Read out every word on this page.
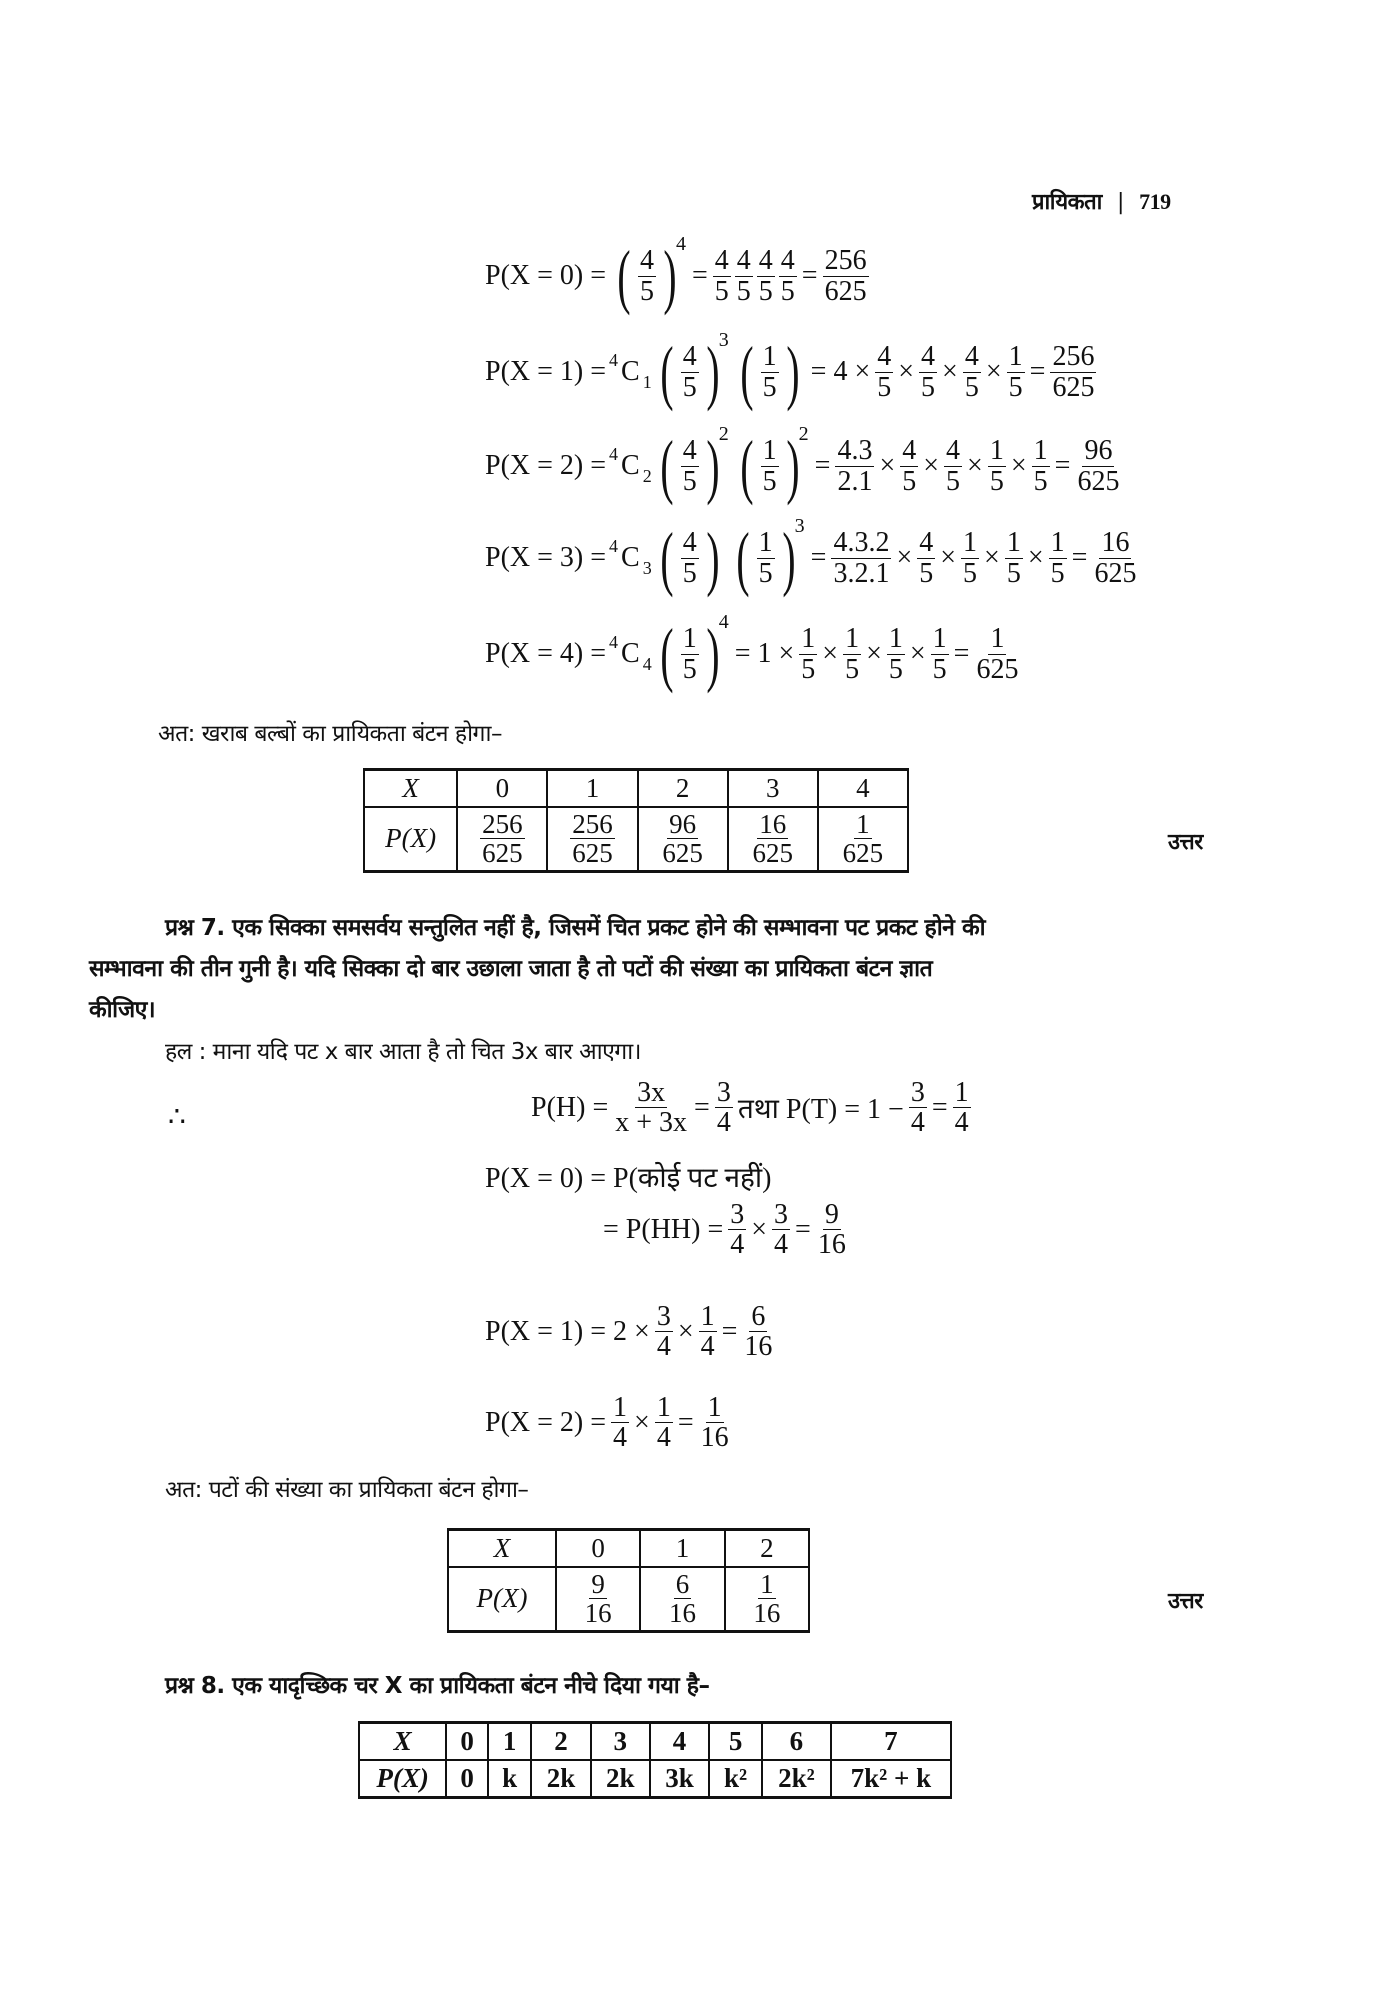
प्रायिकता | 719
P(X = 0) = ( $\frac{4}{5}$ ) 4
= $\frac{4}{5} \frac{4}{5} \frac{4}{5} \frac{4}{5} = \frac{256}{625}$
P(X = 1) = 4 C 1 ( $\frac{4}{5}$ ) 3 ( $\frac{1}{5}$ ) = $4 \times \frac{4}{5} \times \frac{4}{5} \times \frac{4}{5} \times \frac{1}{5} = \frac{256}{625}$
P(X = 2) = 4 C 2 ( $\frac{4}{5}$ ) 2 ( $\frac{1}{5}$ ) 2
= $\frac{4.3}{2.1} \times \frac{4}{5} \times \frac{4}{5} \times \frac{1}{5} \times \frac{1}{5} = \frac{96}{625}$
P(X = 3) = 4 C 3 ( $\frac{4}{5}$ ) ( $\frac{1}{5}$ ) 3
= $\frac{4.3.2}{3.2.1} \times \frac{4}{5} \times \frac{1}{5} \times \frac{1}{5} \times \frac{1}{5} = \frac{16}{625}$
P(X = 4) = 4 C 4 ( $\frac{1}{5}$ ) 4
= $1 \times \frac{1}{5} \times \frac{1}{5} \times \frac{1}{5} \times \frac{1}{5} = \frac{1}{625}$
अत: खराब बल्बों का प्रायिकता बंटन होगा–
X	0	1	2	3	4
P(X)	$\frac{256}{625}$	$\frac{256}{625}$	$\frac{96}{625}$	$\frac{16}{625}$	$\frac{1}{625}$	उत्तर
प्रश्न 7. एक सिक्का समसर्वय सन्तुलित नहीं है, जिसमें चित प्रकट होने की सम्भावना पट प्रकट होने की
सम्भावना की तीन गुनी है। यदि सिक्का दो बार उछाला जाता है तो पटों की संख्या का प्रायिकता बंटन ज्ञात
कीजिए।
हल : माना यदि पट x बार आता है तो चित 3x बार आएगा।
∴	$P(H) = \frac{3x}{x + 3x} = \frac{3}{4}$ तथा $P(T) = 1 - \frac{3}{4} = \frac{1}{4}$
P(X = 0) = P(कोई पट नहीं)
= $P(HH) = \frac{3}{4} \times \frac{3}{4} = \frac{9}{16}$
$P(X = 1) = 2 \times \frac{3}{4} \times \frac{1}{4} = \frac{6}{16}$
$P(X = 2) = \frac{1}{4} \times \frac{1}{4} = \frac{1}{16}$
अत: पटों की संख्या का प्रायिकता बंटन होगा–
X	0	1	2
P(X)	$\frac{9}{16}$	$\frac{6}{16}$	$\frac{1}{16}$	उत्तर
प्रश्न 8. एक यादृच्छिक चर X का प्रायिकता बंटन नीचे दिया गया है–
X	0	1	2	3	4	5	6	7
P(X)	0	k	2k	2k	3k	k²	2k²	7k² + k
